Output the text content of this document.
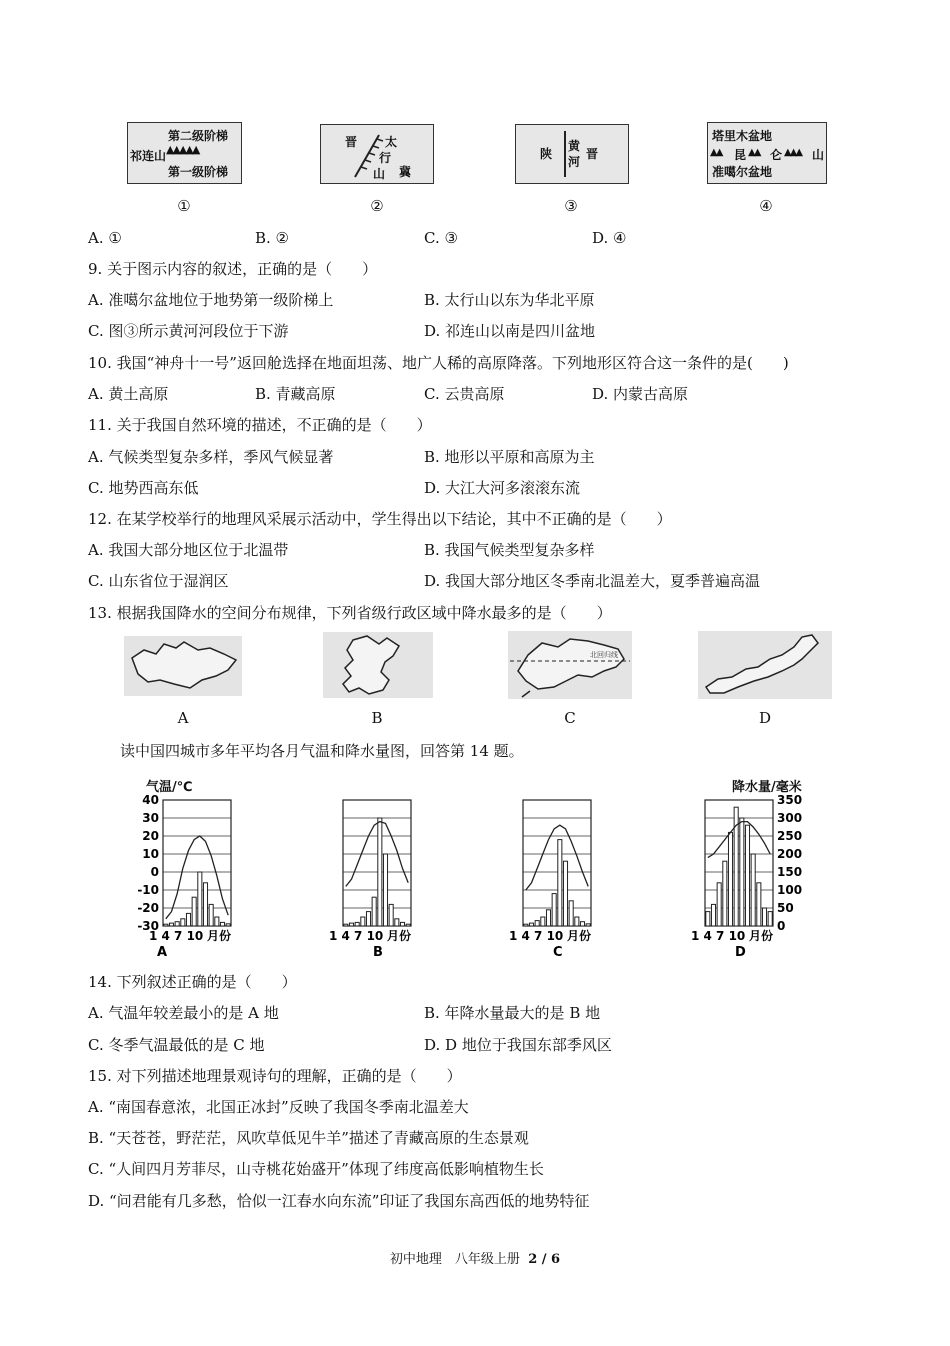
第二级阶梯
祁连山 ▲▲▲▲▲
第一级阶梯
①
晋 太
行
山 冀
②
陕
黄
河
晋
③
塔里木盆地
▲▲ 昆 ▲▲ 仑 ▲▲▲ 山
准噶尔盆地
④
A. ①	B. ②	C. ③	D. ④
9. 关于图示内容的叙述，正确的是（　　）
A. 准噶尔盆地位于地势第一级阶梯上	B. 太行山以东为华北平原
C. 图③所示黄河河段位于下游	D. 祁连山以南是四川盆地
10. 我国“神舟十一号”返回舱选择在地面坦荡、地广人稀的高原降落。下列地形区符合这一条件的是(　　)
A. 黄土高原	B. 青藏高原	C. 云贵高原	D. 内蒙古高原
11. 关于我国自然环境的描述，不正确的是（　　）
A. 气候类型复杂多样，季风气候显著	B. 地形以平原和高原为主
C. 地势西高东低	D. 大江大河多滚滚东流
12. 在某学校举行的地理风采展示活动中，学生得出以下结论，其中不正确的是（　　）
A. 我国大部分地区位于北温带	B. 我国气候类型复杂多样
C. 山东省位于湿润区	D. 我国大部分地区冬季南北温差大，夏季普遍高温
13. 根据我国降水的空间分布规律，下列省级行政区域中降水最多的是（　　）
北回归线
A	B	C	D
读中国四城市多年平均各月气温和降水量图，回答第 14 题。
气温/℃	降水量/毫米
1 4 7 10 月份
A
40
30
20
10
0
-10
-20
-30
1 4 7 10 月份
B
1 4 7 10 月份
C
1 4 7 10 月份
D
350
300
250
200
150
100
50
0
14. 下列叙述正确的是（　　）
A. 气温年较差最小的是 A 地	B. 年降水量最大的是 B 地
C. 冬季气温最低的是 C 地	D. D 地位于我国东部季风区
15. 对下列描述地理景观诗句的理解，正确的是（　　）
A. “南国春意浓，北国正冰封”反映了我国冬季南北温差大
B. “天苍苍，野茫茫，风吹草低见牛羊”描述了青藏高原的生态景观
C. “人间四月芳菲尽，山寺桃花始盛开”体现了纬度高低影响植物生长
D. “问君能有几多愁，恰似一江春水向东流”印证了我国东高西低的地势特征
初中地理　八年级上册 2 / 6
